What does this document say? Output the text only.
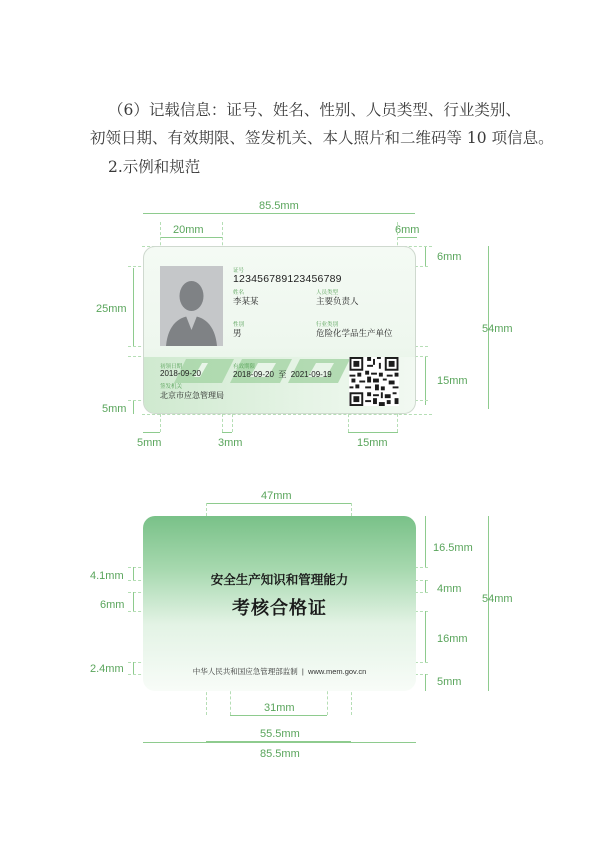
（6）记载信息：证号、姓名、性别、人员类型、行业类别、
初领日期、有效期限、签发机关、本人照片和二维码等 10 项信息。
2.示例和规范
85.5mm
20mm	6mm
6mm
54mm
15mm
25mm
5mm
5mm	3mm	15mm
证号
123456789123456789
姓名
李某某
人员类型
主要负责人
性别
男
行业类别
危险化学品生产单位
初领日期
2018-09-20
有效期限
2018-09-20  至  2021-09-19
签发机关
北京市应急管理局
47mm
安全生产知识和管理能力
考核合格证
中华人民共和国应急管理部监制  |  www.mem.gov.cn
16.5mm
4mm
54mm
16mm
5mm
4.1mm
6mm
2.4mm
31mm
55.5mm
85.5mm
